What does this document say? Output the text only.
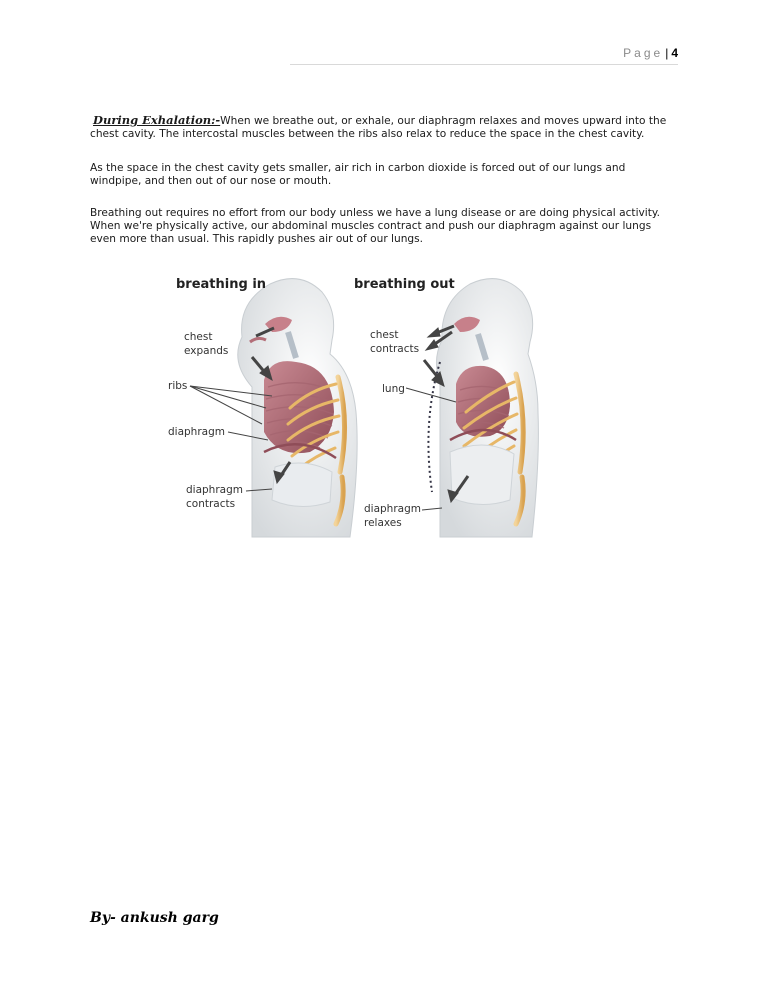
Page | 4

During Exhalation:-When we breathe out, or exhale, our diaphragm relaxes and moves upward into the chest cavity. The intercostal muscles between the ribs also relax to reduce the space in the chest cavity.

As the space in the chest cavity gets smaller, air rich in carbon dioxide is forced out of our lungs and windpipe, and then out of our nose or mouth.

Breathing out requires no effort from our body unless we have a lung disease or are doing physical activity. When we're physically active, our abdominal muscles contract and push our diaphragm against our lungs even more than usual. This rapidly pushes air out of our lungs.

breathing in
chest
expands
ribs
diaphragm
diaphragm
contracts
breathing out
chest
contracts
lung
diaphragm
relaxes
By- ankush garg
